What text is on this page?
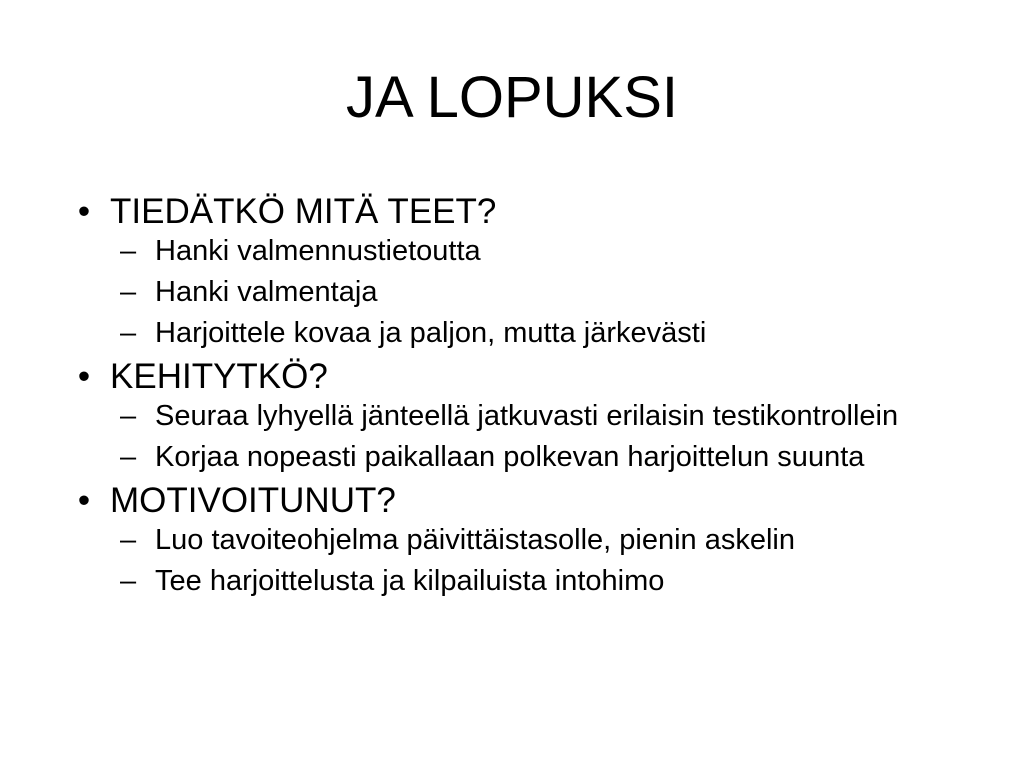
JA LOPUKSI
• TIEDÄTKÖ MITÄ TEET?
– Hanki valmennustietoutta
– Hanki valmentaja
– Harjoittele kovaa ja paljon, mutta järkevästi
• KEHITYTKÖ?
– Seuraa lyhyellä jänteellä jatkuvasti erilaisin testikontrollein
– Korjaa nopeasti paikallaan polkevan harjoittelun suunta
• MOTIVOITUNUT?
– Luo tavoiteohjelma päivittäistasolle, pienin askelin
– Tee harjoittelusta ja kilpailuista intohimo
